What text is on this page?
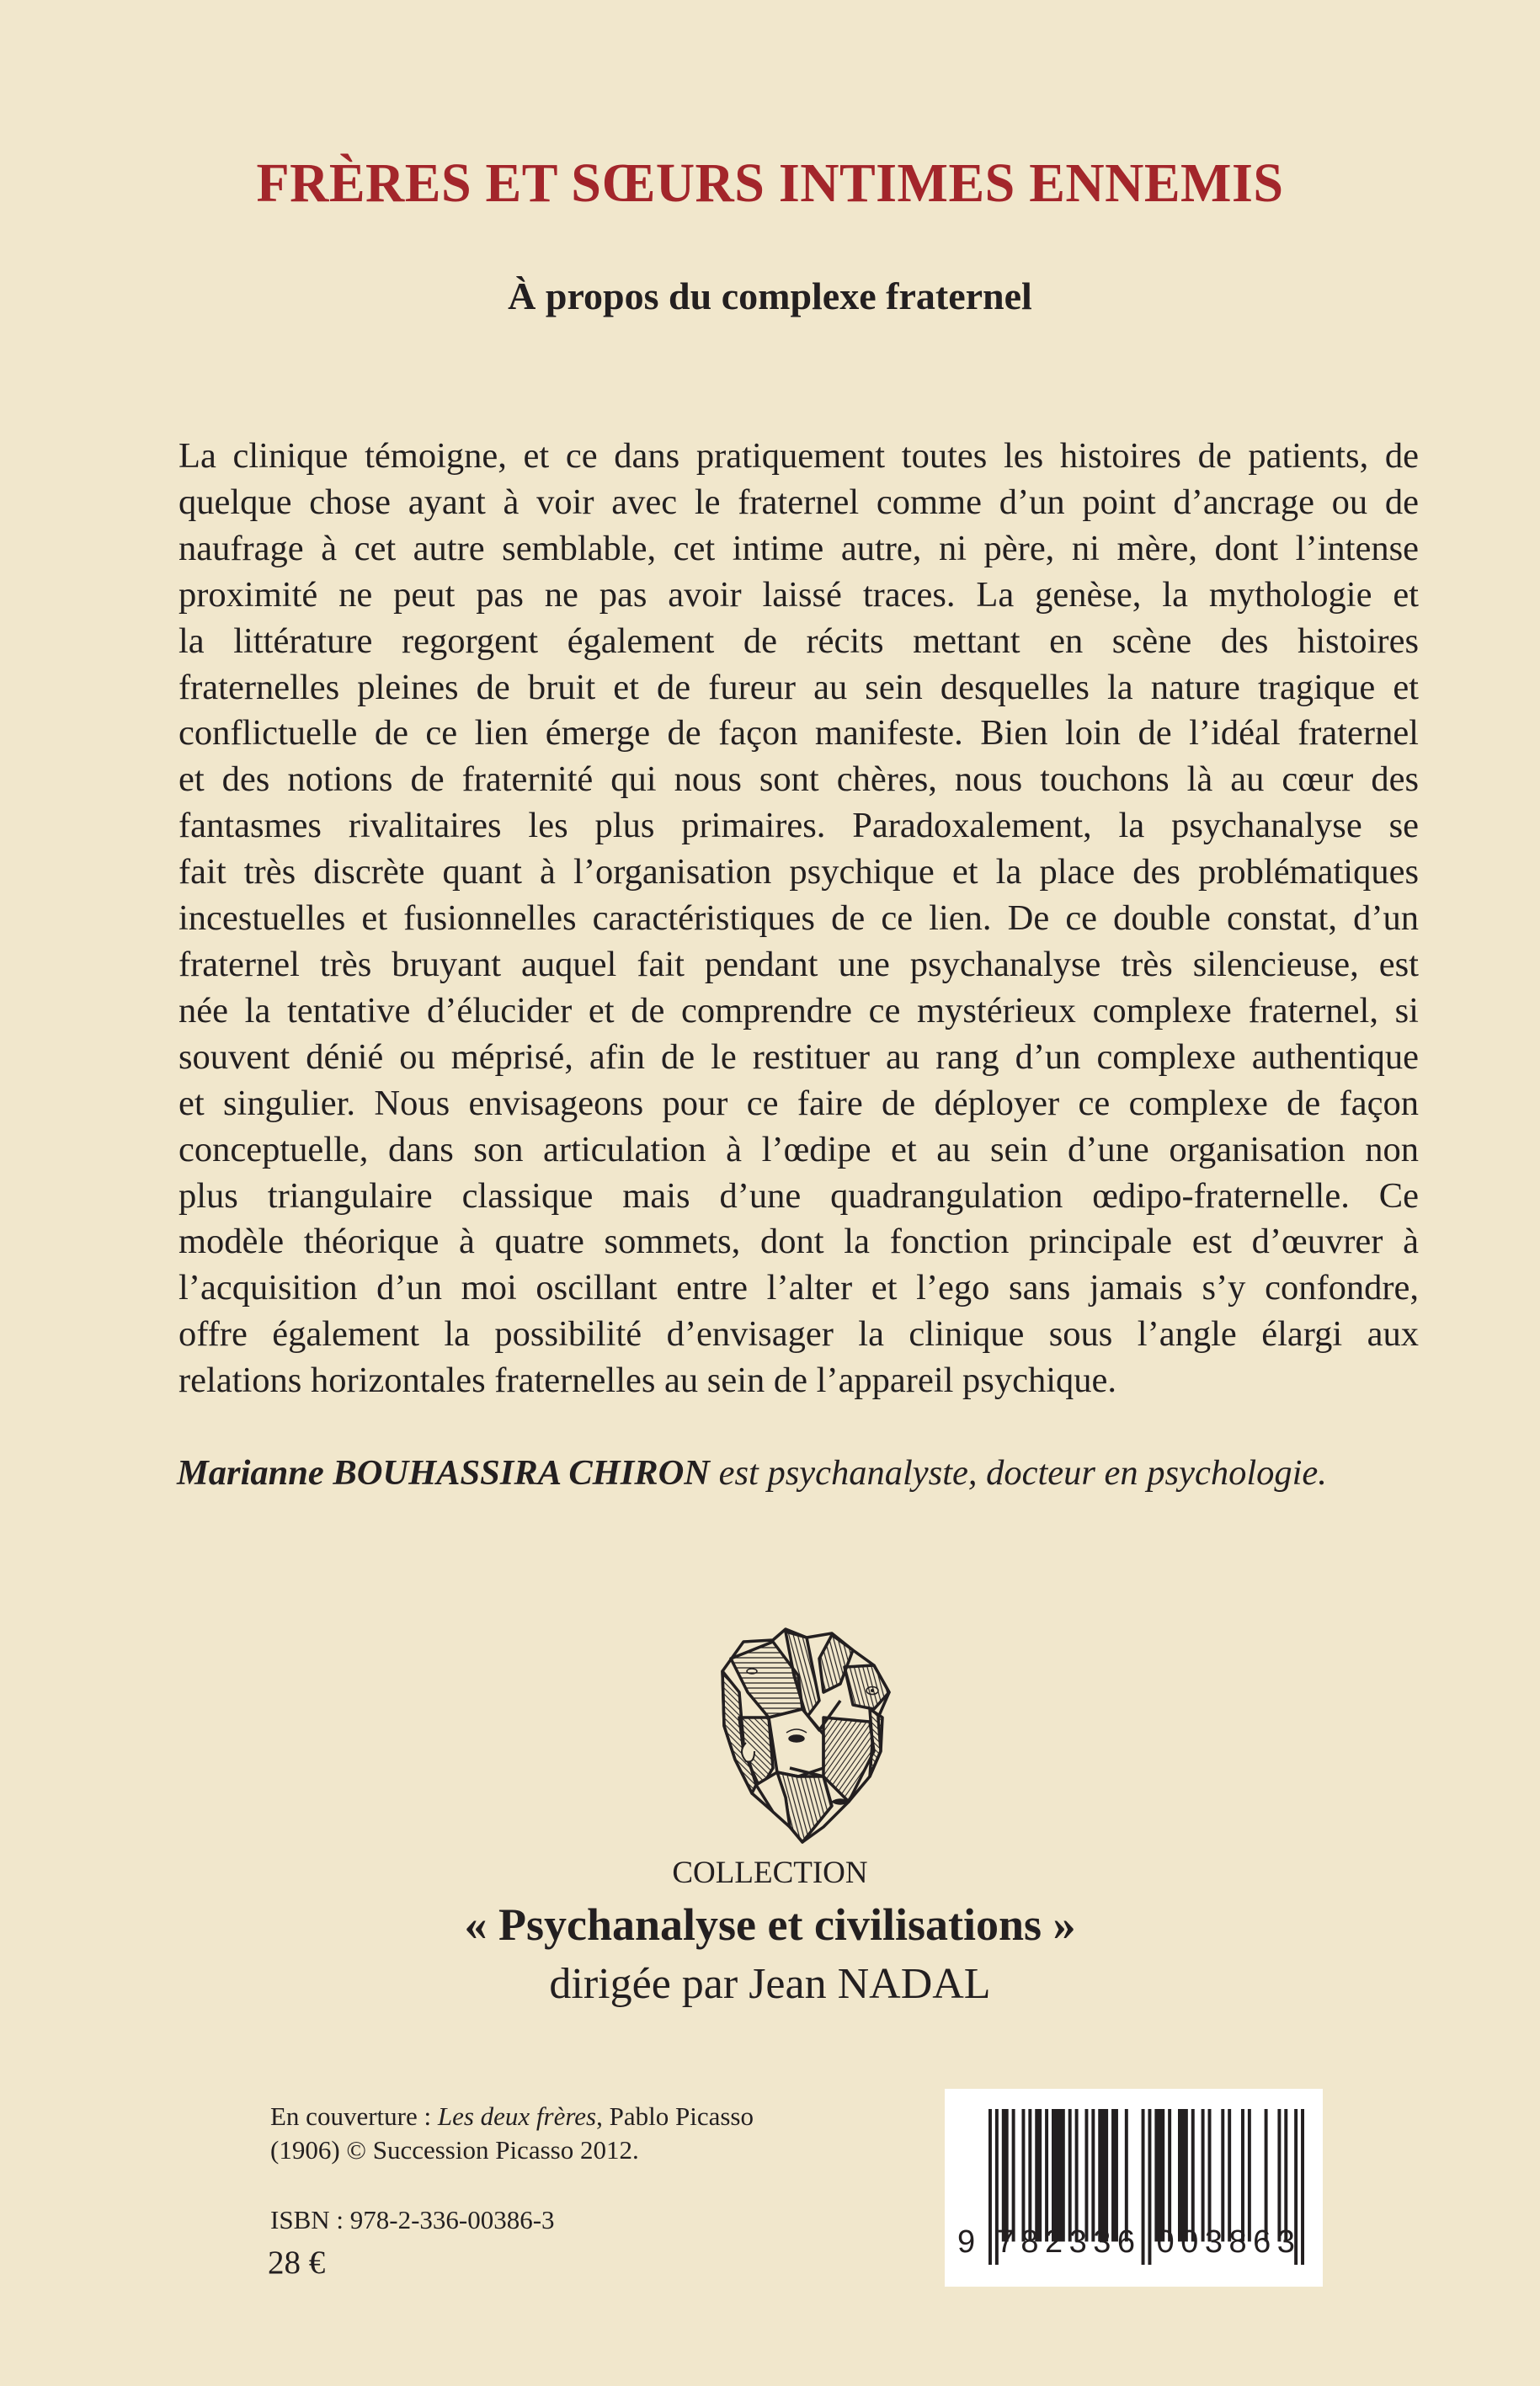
FRÈRES ET SŒURS INTIMES ENNEMIS
À propos du complexe fraternel
La clinique témoigne, et ce dans pratiquement toutes les histoires de patients, de
quelque chose ayant à voir avec le fraternel comme d’un point d’ancrage ou de
naufrage à cet autre semblable, cet intime autre, ni père, ni mère, dont l’intense
proximité ne peut pas ne pas avoir laissé traces. La genèse, la mythologie et
la littérature regorgent également de récits mettant en scène des histoires
fraternelles pleines de bruit et de fureur au sein desquelles la nature tragique et
conflictuelle de ce lien émerge de façon manifeste. Bien loin de l’idéal fraternel
et des notions de fraternité qui nous sont chères, nous touchons là au cœur des
fantasmes rivalitaires les plus primaires. Paradoxalement, la psychanalyse se
fait très discrète quant à l’organisation psychique et la place des problématiques
incestuelles et fusionnelles caractéristiques de ce lien. De ce double constat, d’un
fraternel très bruyant auquel fait pendant une psychanalyse très silencieuse, est
née la tentative d’élucider et de comprendre ce mystérieux complexe fraternel, si
souvent dénié ou méprisé, afin de le restituer au rang d’un complexe authentique
et singulier. Nous envisageons pour ce faire de déployer ce complexe de façon
conceptuelle, dans son articulation à l’œdipe et au sein d’une organisation non
plus triangulaire classique mais d’une quadrangulation œdipo-fraternelle. Ce
modèle théorique à quatre sommets, dont la fonction principale est d’œuvrer à
l’acquisition d’un moi oscillant entre l’alter et l’ego sans jamais s’y confondre,
offre également la possibilité d’envisager la clinique sous l’angle élargi aux
relations horizontales fraternelles au sein de l’appareil psychique.
Marianne BOUHASSIRA CHIRON est psychanalyste, docteur en psychologie.
COLLECTION
« Psychanalyse et civilisations »
dirigée par Jean NADAL
En couverture : Les deux frères, Pablo Picasso
(1906) © Succession Picasso 2012.
ISBN : 978-2-336-00386-3
28 €
9 782336 003863
